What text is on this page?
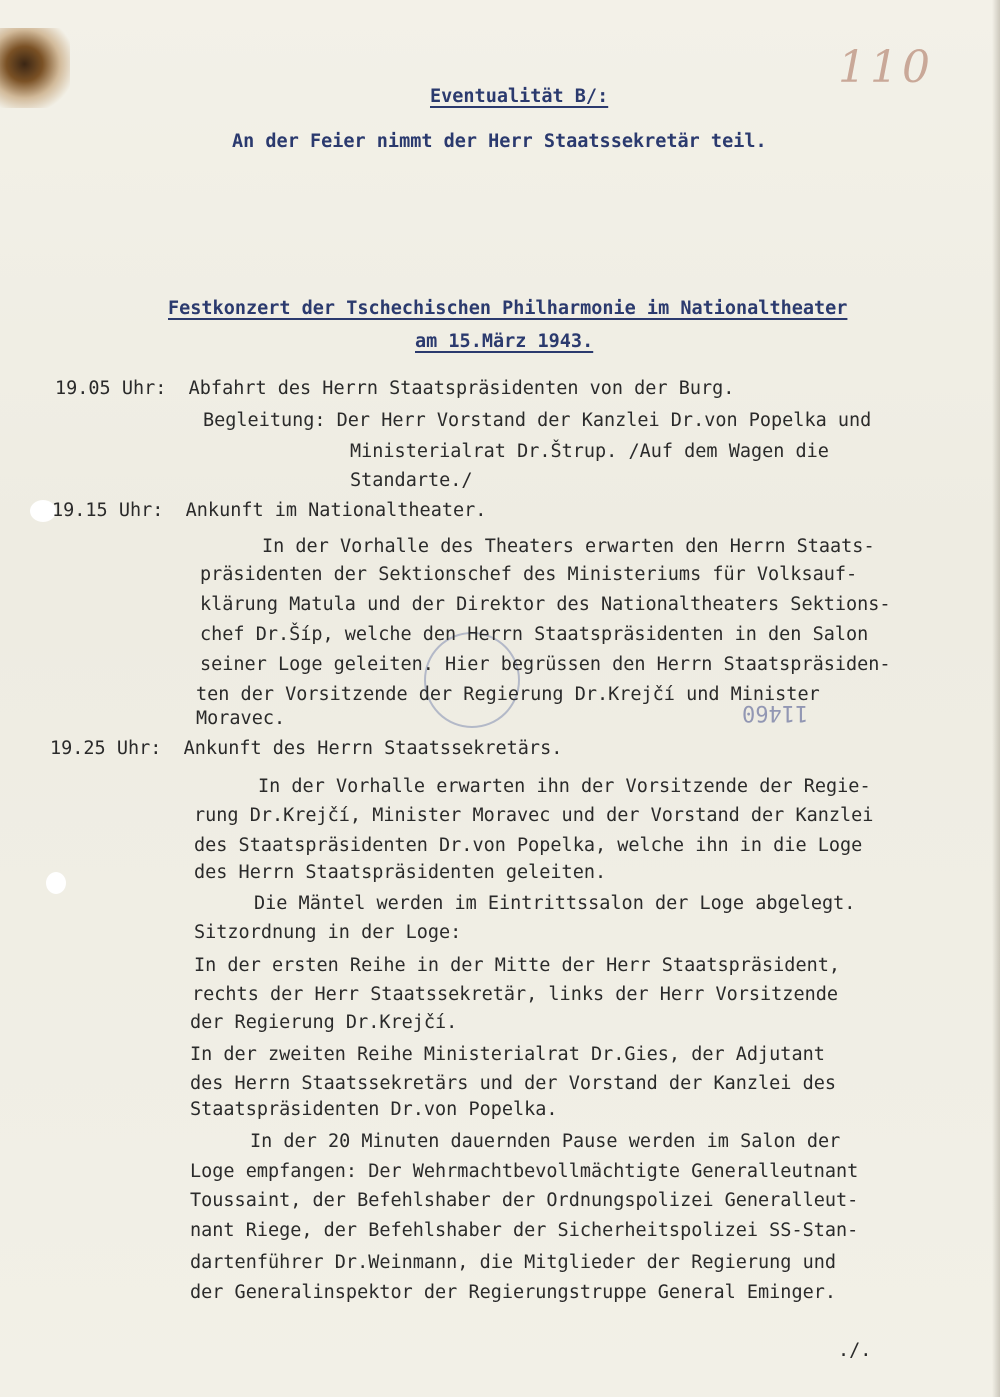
110
11460

Eventualität B/:

An der Feier nimmt der Herr Staatssekretär teil.

Festkonzert der Tschechischen Philharmonie im Nationaltheater

am 15.März 1943.

19.05 Uhr:  Abfahrt des Herrn Staatspräsidenten von der Burg.

Begleitung: Der Herr Vorstand der Kanzlei Dr.von Popelka und

Ministerialrat Dr.Štrup. /Auf dem Wagen die

Standarte./

19.15 Uhr:  Ankunft im Nationaltheater.

In der Vorhalle des Theaters erwarten den Herrn Staats-

präsidenten der Sektionschef des Ministeriums für Volksauf-

klärung Matula und der Direktor des Nationaltheaters Sektions-

chef Dr.Šíp, welche den Herrn Staatspräsidenten in den Salon

seiner Loge geleiten. Hier begrüssen den Herrn Staatspräsiden-

ten der Vorsitzende der Regierung Dr.Krejčí und Minister

Moravec.

19.25 Uhr:  Ankunft des Herrn Staatssekretärs.

In der Vorhalle erwarten ihn der Vorsitzende der Regie-

rung Dr.Krejčí, Minister Moravec und der Vorstand der Kanzlei

des Staatspräsidenten Dr.von Popelka, welche ihn in die Loge

des Herrn Staatspräsidenten geleiten.

Die Mäntel werden im Eintrittssalon der Loge abgelegt.

Sitzordnung in der Loge:

In der ersten Reihe in der Mitte der Herr Staatspräsident,

rechts der Herr Staatssekretär, links der Herr Vorsitzende

der Regierung Dr.Krejčí.

In der zweiten Reihe Ministerialrat Dr.Gies, der Adjutant

des Herrn Staatssekretärs und der Vorstand der Kanzlei des

Staatspräsidenten Dr.von Popelka.

In der 20 Minuten dauernden Pause werden im Salon der

Loge empfangen: Der Wehrmachtbevollmächtigte Generalleutnant

Toussaint, der Befehlshaber der Ordnungspolizei Generalleut-

nant Riege, der Befehlshaber der Sicherheitspolizei SS-Stan-

dartenführer Dr.Weinmann, die Mitglieder der Regierung und

der Generalinspektor der Regierungstruppe General Eminger.

./.
